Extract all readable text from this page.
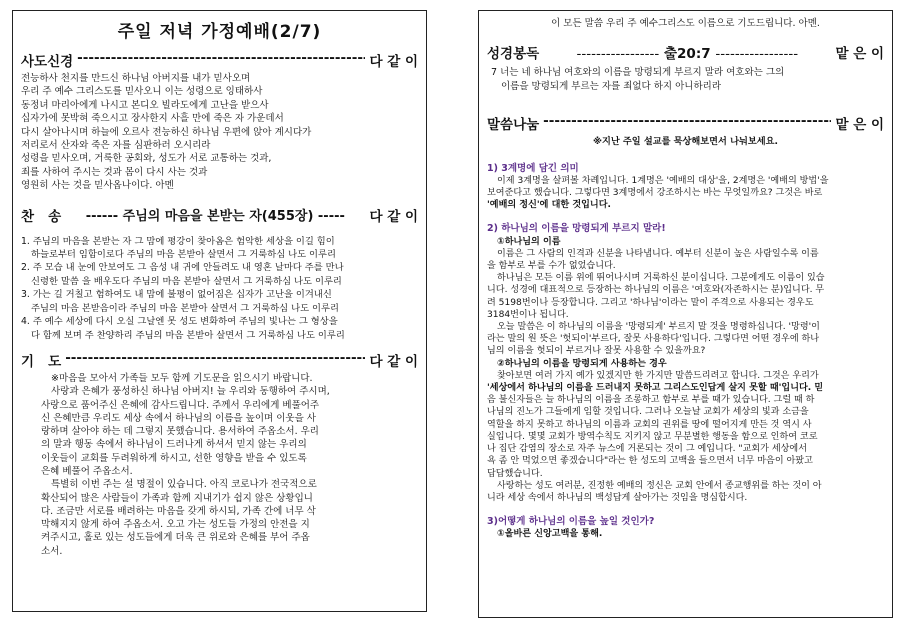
주일 저녁 가정예배(2/7)
사도신경 -----	다 같 이
전능하사 천지를 만드신 하나님 아버지를 내가 믿사오며
우리 주 예수 그리스도를 믿사오니 이는 성령으로 잉태하사
동정녀 마리아에게 나시고 본디오 빌라도에게 고난을 받으사
십자가에 못박혀 죽으시고 장사한지 사흘 만에 죽은 자 가운데서
다시 살아나시며 하늘에 오르사 전능하신 하나님 우편에 앉아 계시다가
저리로서 산자와 죽은 자를 심판하러 오시리라
성령을 믿사오며, 거룩한 공회와, 성도가 서로 교통하는 것과,
죄를 사하여 주시는 것과 몸이 다시 사는 것과
영원히 사는 것을 믿사옵나이다. 아멘
찬   송	------ 주님의 마음을 본받는 자(455장) -----	다 같 이
1. 주님의 마음을 본받는 자 그 맘에 평강이 찾아옴은 험악한 세상을 이길 힘이
하늘로부터 임함이로다 주님의 마음 본받아 살면서 그 거룩하심 나도 이루리
2. 주 모습 내 눈에 안보여도 그 음성 내 귀에 안들려도 내 영혼 날마다 주를 만나
신령한 말씀 을 배우도다 주님의 마음 본받아 살면서 그 거룩하심 나도 이루리
3. 가는 길 거칠고 험하여도 내 맘에 불평이 없어짐은 십자가 고난을 이겨내신
주님의 마음 본받음이라 주님의 마음 본받아 살면서 그 거룩하심 나도 이루리
4. 주 예수 세상에 다시 오실 그날엔 못 성도 변화하여 주님의 빛나는 그 형상을
다 함께 보며 주 찬양하리 주님의 마음 본받아 살면서 그 거룩하심 나도 이루리
기   도 -----	다 같 이
※마음을 모아서 가족들 모두 함께 기도문을 읽으시기 바랍니다.
사랑과 은혜가 풍성하신 하나님 아버지! 늘 우리와 동행하여 주시며,
사랑으로 품어주신 은혜에 감사드립니다. 주께서 우리에게 베풀어주
신 은혜만큼 우리도 세상 속에서 하나님의 이름을 높이며 이웃을 사
랑하며 살아야 하는 데 그렇지 못했습니다. 용서하여 주옵소서. 우리
의 말과 행동 속에서 하나님이 드러나게 하셔서 믿지 않는 우리의
이웃들이 교회를 두려워하게 하시고, 선한 영향을 받을 수 있도록
은혜 베풀어 주옵소서.
특별히 이번 주는 설 명절이 있습니다. 아직 코로나가 전국적으로
확산되어 많은 사람들이 가족과 함께 지내기가 쉽지 않은 상황입니
다. 조금만 서로를 배려하는 마음을 갖게 하시되, 가족 간에 너무 삭
막해지지 않게 하여 주옵소서. 오고 가는 성도들 가정의 안전을 지
켜주시고, 홀로 있는 성도들에게 더욱 큰 위로와 은혜를 부어 주옵
소서.
이 모든 말씀 우리 주 예수그리스도 이름으로 기도드립니다. 아멘.
성경봉독	----------------- 출20:7 -----------------	맡 은 이
7 너는 네 하나님 여호와의 이름을 망령되게 부르지 말라 여호와는 그의
이름을 망령되게 부르는 자를 죄없다 하지 아니하리라
말씀나눔 -----	맡 은 이
※지난 주일 설교를 묵상해보면서 나눠보세요.
1) 3계명에 담긴 의미
이제 3계명을 살펴볼 차례입니다. 1계명은 '예배의 대상'을, 2계명은 '예배의 방법'을
보여준다고 했습니다. 그렇다면 3계명에서 강조하시는 바는 무엇일까요? 그것은 바로
'예배의 정신'에 대한 것입니다.
2) 하나님의 이름을 망령되게 부르지 말라!
①하나님의 이름
이름은 그 사람의 인격과 신분을 나타냅니다. 예부터 신분이 높은 사람일수록 이름
을 함부로 부를 수가 없었습니다.
하나님은 모든 이름 위에 뛰어나시며 거룩하신 분이십니다. 그분에게도 이름이 있습
니다. 성경에 대표적으로 등장하는 하나님의 이름은 '여호와(자존하시는 분)입니다. 무
려 5198번이나 등장합니다. 그리고 '하나님'이라는 말이 주격으로 사용되는 경우도
3184번이나 됩니다.
오늘 말씀은 이 하나님의 이름을 '망령되게' 부르지 말 것을 명령하십니다. '망령'이
라는 말의 원 뜻은 '헛되이'부르다, 잘못 사용하다'입니다. 그렇다면 어떤 경우에 하나
님의 이름을 헛되이 부르거나 잘못 사용할 수 있을까요?
②하나님의 이름을 망령되게 사용하는 경우
찾아보면 여러 가지 예가 있겠지만 한 가지만 말씀드리려고 합니다. 그것은 우리가
'세상에서 하나님의 이름을 드러내지 못하고 그리스도인답게 살지 못할 때'입니다. 믿
음 불신자들은 늘 하나님의 이름을 조롱하고 함부로 부를 때가 있습니다. 그럴 때 하
나님의 진노가 그들에게 임할 것입니다. 그러나 오늘날 교회가 세상의 빛과 소금을
역할을 하지 못하고 하나님의 이름과 교회의 권위를 땅에 떨어지게 만든 것 역시 사
실입니다. 몇몇 교회가 방역수칙도 지키지 않고 무분별한 행동을 함으로 인하여 코로
나 집단 감염의 장소로 자주 뉴스에 거론되는 것이 그 예입니다. "교회가 세상에서
욕 좀 안 먹었으면 좋겠습니다"라는 한 성도의 고백을 들으면서 너무 마음이 아팠고
답답했습니다.
사랑하는 성도 여러분, 진정한 예배의 정신은 교회 안에서 종교행위를 하는 것이 아
니라 세상 속에서 하나님의 백성답게 살아가는 것임을 명심합시다.
3)어떻게 하나님의 이름을 높일 것인가?
①올바른 신앙고백을 통해.
